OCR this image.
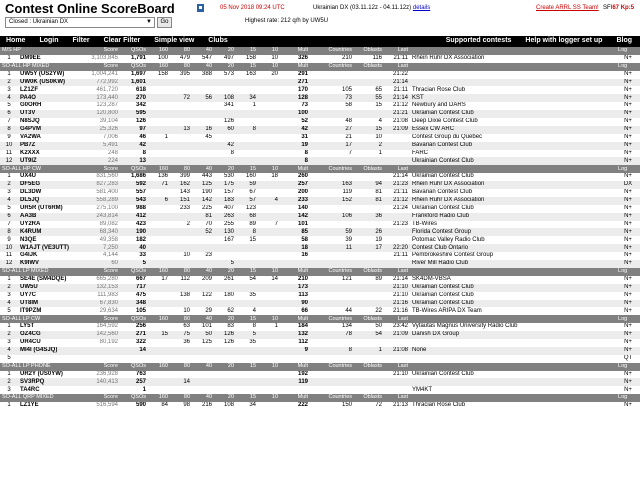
Contest Online ScoreBoard	05 Nov 2018 09:24 UTC	Ukrainian DX (03.11.12z - 04.11.12z) details	Create ARRL SS Team! SFI67 Kp:5
Closed : Ukrainian DX	▼	Go	Highest rate: 212 q/h by UW5U
Home	Login	Filter	Clear Filter	Simple view	Clubs	Supported contests	Help with logger set up	Blog
M/S HP		Score	QSOs	160	80	40	20	15	10	Mult	Countries	Oblasts	Last		Log
1	DM9EE	3,103,845	1,791	100	479	547	497	158	10	326	210	116	21:11	Rhein Ruhr DX Association	N+
SO-ALL HP MIXED		Score	QSOs	160	80	40	20	15	10	Mult	Countries	Oblasts	Last		Log
1	UW5Y (US2YW)	1,004,241	1,697	158	395	388	573	163	20	291			21:22		N+
2	UW0K (US0KW)	772,992	1,601							271			21:14		N+
3	LZ1ZF	461,720	618							170	105	65	21:11	Thracian Rose Club	N+
4	PA4O	173,440	270		72	56	108	34		128	73	55	21:14	KST	N+
5	G0ORH	123,287	342				341	1		73	58	15	21:12	Newbury and DARS	N+
6	UT3V	120,800	595							100			21:21	Ukrainian Contest Club	N+
7	N8SJQ	39,104	126				126			52	48	4	21:08	Deep Dixie Contest Club	N+
8	G4PVM	25,326	97		13	16	60	8		42	27	15	21:09	Essex CW ARC	N+
9	VA2WA	7,006	46	1		45				31	21	10		Contest Group du Quebec	N+
10	PB7Z	5,491	42				42			19	17	2		Bavarian Contest Club	N+
11	K2XXX	248	8				8			8	7	1		FARC	N+
12	UT9IZ	224	13							8				Ukrainian Contest Club	N+
SO-ALL HP CW		Score	QSOs	160	80	40	20	15	10	Mult	Countries	Oblasts	Last		Log
1	UX4U	831,560	1,686	136	399	443	530	160	18	260			21:14	Ukrainian Contest Club	N+
2	DF5EG	827,283	592	71	162	125	175	59		257	163	94	21:23	Rhein Ruhr DX Association	DX
3	DL3DW	581,400	557		143	190	157	67		200	119	81	21:11	Bavarian Contest Club	N+
4	DL5JQ	558,289	543	6	151	142	183	57	4	233	152	81	21:12	Rhein Ruhr DX Association	N+
5	UR5R (UT6RM)	275,100	988		233	225	407	123		140			21:24	Ukrainian Contest Club	N+
6	AA3B	243,814	412			81	263	68		142	106	36		Frankford Radio Club	N+
7	UY2RA	89,082	423		2	70	255	89	7	101			21:23	TB-Wires	N+
8	K4RUM	68,340	190			52	130	8		85	59	26		Florida Contest Group	N+
9	N3QE	49,358	182				167	15		58	39	19		Potomac Valley Radio Club	N+
10	W1AJT (VE3UTT)	7,250	40							18	11	17	22:20	Contest Club Ontario	N+
11	G4IJK	4,144	33		10	23				16			21:11	Pembrokeshire Contest Group	N+
12	K9IWV	60	5				5							River Mill Radio Club	N+
SO-ALL LP MIXED		Score	QSOs	160	80	40	20	15	10	Mult	Countries	Oblasts	Last		Log
1	SE4E (SM4DQE)	665,280	667	17	112	209	261	54	14	210	121	89	21:14	SK4DM-VBSA	N+
2	UW5U	132,153	717							173			21:10	Ukrainian Contest Club	N+
3	UY7C	111,983	475		138	122	180	35		113			21:10	Ukrainian Contest Club	N+
4	UT8IM	67,830	348							90			21:16	Ukrainian Contest Club	N+
5	IT9PZM	29,634	105		10	29	62	4		66	44	22	21:16	TB-Wires ARIPA DX Team	N+
SO-ALL LP CW		Score	QSOs	160	80	40	20	15	10	Mult	Countries	Oblasts	Last		Log
1	LY5T	164,592	256		63	101	83	8	1	184	134	50	23:42	Vytautas Magnus University Radio Club	N+
2	OZ4CG	142,560	271	15	75	50	126	5		132	78	54	21:09	Danish DX Group	N+
3	UR4CU	80,192	322		36	125	126	35		112					N+
4	MI4I (G4SJQ)		14							9	8	1	21:08	None	N+
5															QT
SO-ALL LP PHONE		Score	QSOs	160	80	40	20	15	10	Mult	Countries	Oblasts	Last		Log
1	UR2Y (US0YW)	236,928	763							192			21:10	Ukrainian Contest Club	N+
2	SV3RPQ	140,413	257		14					119					N+
3	TA4RC		1											YM4KT	N+
SO-ALL QRP MIXED		Score	QSOs	160	80	40	20	15	10	Mult	Countries	Oblasts	Last		Log
1	LZ1YE	516,594	590	84	98	216	108	34		222	150	72	21:13	Thracian Rose Club	N+
